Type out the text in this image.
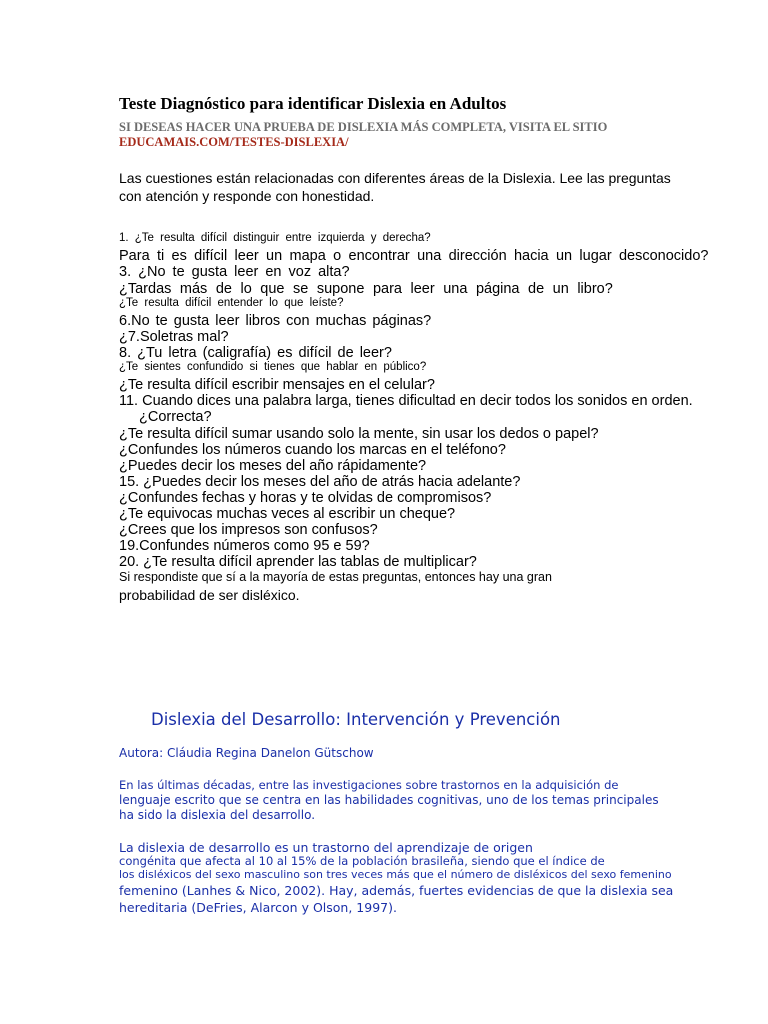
Teste Diagnóstico para identificar Dislexia en Adultos
SI DESEAS HACER UNA PRUEBA DE DISLEXIA MÁS COMPLETA, VISITA EL SITIO
EDUCAMAIS.COM/TESTES-DISLEXIA/
Las cuestiones están relacionadas con diferentes áreas de la Dislexia. Lee las preguntas
con atención y responde con honestidad.
1. ¿Te resulta difícil distinguir entre izquierda y derecha?
Para ti es difícil leer un mapa o encontrar una dirección hacia un lugar desconocido?
3. ¿No te gusta leer en voz alta?
¿Tardas más de lo que se supone para leer una página de un libro?
¿Te resulta difícil entender lo que leíste?
6.No te gusta leer libros con muchas páginas?
¿7.Soletras mal?
8. ¿Tu letra (caligrafía) es difícil de leer?
¿Te sientes confundido si tienes que hablar en público?
¿Te resulta difícil escribir mensajes en el celular?
11. Cuando dices una palabra larga, tienes dificultad en decir todos los sonidos en orden.
¿Correcta?
¿Te resulta difícil sumar usando solo la mente, sin usar los dedos o papel?
¿Confundes los números cuando los marcas en el teléfono?
¿Puedes decir los meses del año rápidamente?
15. ¿Puedes decir los meses del año de atrás hacia adelante?
¿Confundes fechas y horas y te olvidas de compromisos?
¿Te equivocas muchas veces al escribir un cheque?
¿Crees que los impresos son confusos?
19.Confundes números como 95 e 59?
20. ¿Te resulta difícil aprender las tablas de multiplicar?
Si respondiste que sí a la mayoría de estas preguntas, entonces hay una gran
probabilidad de ser disléxico.
Dislexia del Desarrollo: Intervención y Prevención
Autora: Cláudia Regina Danelon Gütschow
En las últimas décadas, entre las investigaciones sobre trastornos en la adquisición de
lenguaje escrito que se centra en las habilidades cognitivas, uno de los temas principales
ha sido la dislexia del desarrollo.
La dislexia de desarrollo es un trastorno del aprendizaje de origen
congénita que afecta al 10 al 15% de la población brasileña, siendo que el índice de
los disléxicos del sexo masculino son tres veces más que el número de disléxicos del sexo femenino
femenino (Lanhes & Nico, 2002). Hay, además, fuertes evidencias de que la dislexia sea
hereditaria (DeFries, Alarcon y Olson, 1997).
